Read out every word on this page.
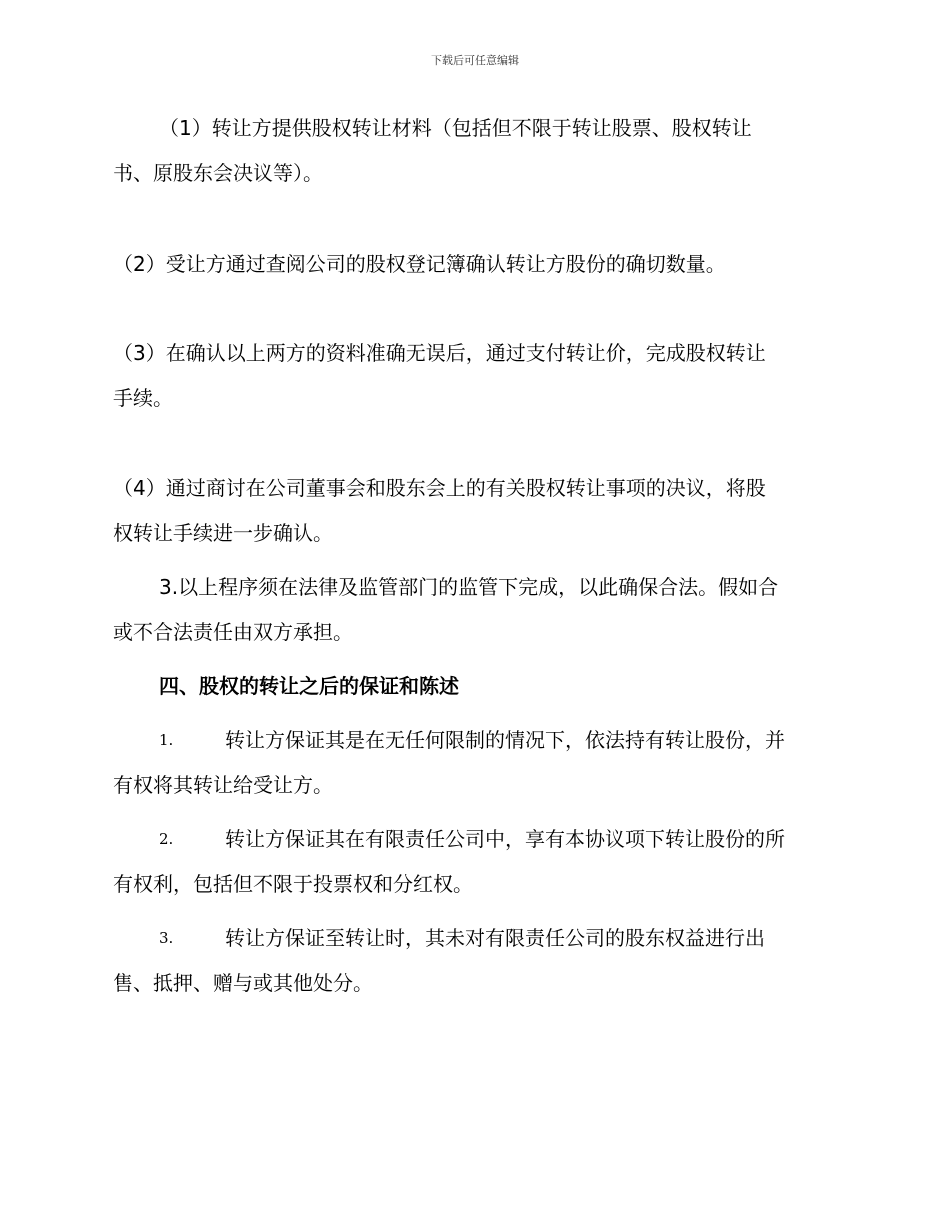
下载后可任意编辑
（1）转让方提供股权转让材料（包括但不限于转让股票、股权转让
书、原股东会决议等）。
（2）受让方通过查阅公司的股权登记簿确认转让方股份的确切数量。
（3）在确认以上两方的资料准确无误后，通过支付转让价，完成股权转让
手续。
（4）通过商讨在公司董事会和股东会上的有关股权转让事项的决议，将股
权转让手续进一步确认。
3.以上程序须在法律及监管部门的监管下完成，以此确保合法。假如合
或不合法责任由双方承担。
四、股权的转让之后的保证和陈述
1.	转让方保证其是在无任何限制的情况下，依法持有转让股份，并
有权将其转让给受让方。
2.	转让方保证其在有限责任公司中，享有本协议项下转让股份的所
有权利，包括但不限于投票权和分红权。
3.	转让方保证至转让时，其未对有限责任公司的股东权益进行出
售、抵押、赠与或其他处分。
